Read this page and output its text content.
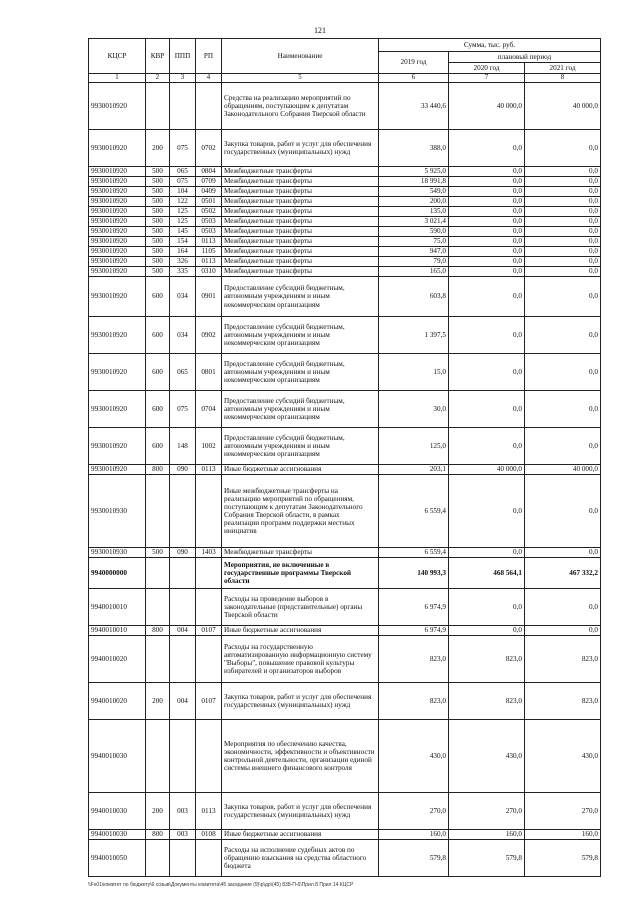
121
КЦСР	КВР	ППП	РП	Наименование	Сумма, тыс. руб.		
					2019 год	плановый период	
						2020 год	2021 год
1	2	3	4	5	6	7	8
9930010920				Средства на реализацию мероприятий по обращениям, поступающим к депутатам Законодательного Собрания Тверской области	33 440,6	40 000,0	40 000,0
9930010920	200	075	0702	Закупка товаров, работ и услуг для обеспечения государственных (муниципальных) нужд	388,0	0,0	0,0
9930010920	500	065	0804	Межбюджетные трансферты	5 925,0	0,0	0,0
9930010920	500	075	0709	Межбюджетные трансферты	18 991,8	0,0	0,0
9930010920	500	104	0409	Межбюджетные трансферты	549,0	0,0	0,0
9930010920	500	122	0501	Межбюджетные трансферты	200,0	0,0	0,0
9930010920	500	125	0502	Межбюджетные трансферты	135,0	0,0	0,0
9930010920	500	125	0503	Межбюджетные трансферты	3 021,4	0,0	0,0
9930010920	500	145	0503	Межбюджетные трансферты	590,0	0,0	0,0
9930010920	500	154	0113	Межбюджетные трансферты	75,0	0,0	0,0
9930010920	500	164	1105	Межбюджетные трансферты	947,0	0,0	0,0
9930010920	500	326	0113	Межбюджетные трансферты	79,0	0,0	0,0
9930010920	500	335	0310	Межбюджетные трансферты	165,0	0,0	0,0
9930010920	600	034	0901	Предоставление субсидий бюджетным, автономным учреждениям и иным некоммерческим организациям	603,8	0,0	0,0
9930010920	600	034	0902	Предоставление субсидий бюджетным, автономным учреждениям и иным некоммерческим организациям	1 397,5	0,0	0,0
9930010920	600	065	0801	Предоставление субсидий бюджетным, автономным учреждениям и иным некоммерческим организациям	15,0	0,0	0,0
9930010920	600	075	0704	Предоставление субсидий бюджетным, автономным учреждениям и иным некоммерческим организациям	30,0	0,0	0,0
9930010920	600	148	1002	Предоставление субсидий бюджетным, автономным учреждениям и иным некоммерческим организациям	125,0	0,0	0,0
9930010920	800	090	0113	Иные бюджетные ассигнования	203,1	40 000,0	40 000,0
9930010930				Иные межбюджетные трансферты на реализацию мероприятий по обращениям, поступающим к депутатам Законодательного Собрания Тверской области, в рамках реализации программ поддержки местных инициатив	6 559,4	0,0	0,0
9930010930	500	090	1403	Межбюджетные трансферты	6 559,4	0,0	0,0
9940000000				Мероприятия, не включенные в государственные программы Тверской области	140 993,3	468 564,1	467 332,2
9940010010				Расходы на проведение выборов в законодательные (представительные) органы Тверской области	6 974,9	0,0	0,0
9940010010	800	004	0107	Иные бюджетные ассигнования	6 974,9	0,0	0,0
9940010020				Расходы на государственную автоматизированную информационную систему "Выборы", повышение правовой культуры избирателей и организаторов выборов	823,0	823,0	823,0
9940010020	200	004	0107	Закупка товаров, работ и услуг для обеспечения государственных (муниципальных) нужд	823,0	823,0	823,0
9940010030				Мероприятия по обеспечению качества, экономичности, эффективности и объективности контрольной деятельности, организации единой системы внешнего финансового контроля	430,0	430,0	430,0
9940010030	200	003	0113	Закупка товаров, работ и услуг для обеспечения государственных (муниципальных) нужд	270,0	270,0	270,0
9940010030	800	003	0108	Иные бюджетные ассигнования	160,0	160,0	160,0
9940010050				Расходы на исполнение судебных актов по обращению взыскания на средства областного бюджета	579,8	579,8	579,8
\\Fs01\комитет по бюджету\6 созыв\Документы комитета\45 заседание (9)\р\др\(45) 838-П-6\Прил 8 Прил 14 КЦСР
